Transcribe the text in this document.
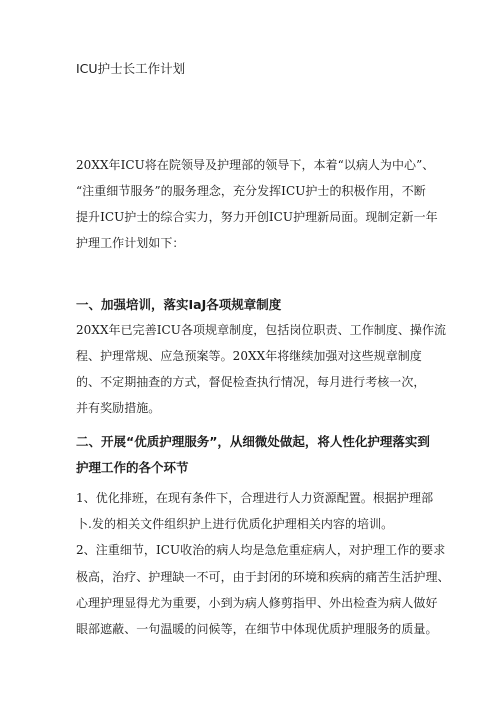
ICU护士长工作计划
20XX年ICU将在院领导及护理部的领导下，本着“以病人为中心”、
“注重细节服务”的服务理念，充分发挥ICU护士的积极作用，不断
提升ICU护士的综合实力，努力开创ICU护理新局面。现制定新一年
护理工作计划如下：
一、加强培训，落实IaJ各项规章制度
20XX年已完善ICU各项规章制度，包括岗位职责、工作制度、操作流
程、护理常规、应急预案等。20XX年将继续加强对这些规章制度
的、不定期抽查的方式，督促检查执行情况，每月进行考核一次，
并有奖励措施。
二、开展“优质护理服务”，从细微处做起，将人性化护理落实到
护理工作的各个环节
1、优化排班，在现有条件下，合理进行人力资源配置。根据护理部
卜.发的相关文件组织护上进行优质化护理相关内容的培训。
2、注重细节，ICU收治的病人均是急危重症病人，对护理工作的要求
极高，治疗、护理缺一不可，由于封闭的环境和疾病的痛苦生活护理、
心理护理显得尤为重要，小到为病人修剪指甲、外出检查为病人做好
眼部遮蔽、一句温暖的问候等，在细节中体现优质护理服务的质量。
